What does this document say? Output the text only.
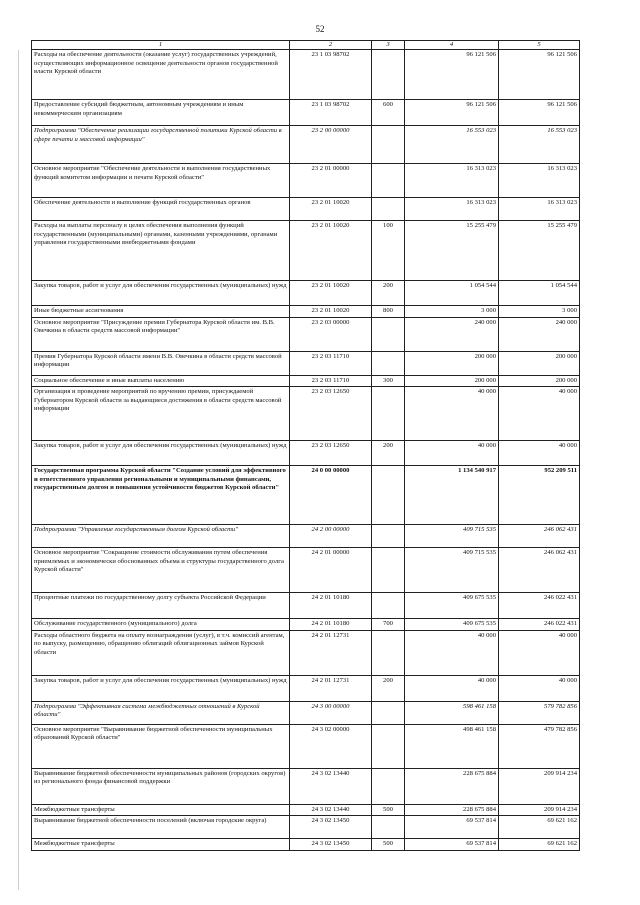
52
1	2	3	4	5
Расходы на обеспечение деятельности (оказание услуг) государственных учреждений, осуществляющих информационное освещение деятельности органов государственной власти Курской области	23 1 03 98702		96 121 506	96 121 506
Предоставление субсидий бюджетным, автономным учреждениям и иным некоммерческим организациям	23 1 03 98702	600	96 121 506	96 121 506
Подпрограмма "Обеспечение реализации государственной политики Курской области в сфере печати и массовой информации"	23 2 00 00000		16 553 023	16 553 023
Основное мероприятие "Обеспечение деятельности и выполнения государственных функций комитетом информации и печати Курской области"	23 2 01 00000		16 313 023	16 313 023
Обеспечение деятельности и выполнение функций государственных органов	23 2 01 10020		16 313 023	16 313 023
Расходы на выплаты персоналу в целях обеспечения выполнения функций государственными (муниципальными) органами, казенными учреждениями, органами управления государственными внебюджетными фондами	23 2 01 10020	100	15 255 479	15 255 479
Закупка товаров, работ и услуг для обеспечения государственных (муниципальных) нужд	23 2 01 10020	200	1 054 544	1 054 544
Иные бюджетные ассигнования	23 2 01 10020	800	3 000	3 000
Основное мероприятие "Присуждение премии Губернатора Курской области им. В.В. Овечкина в области средств массовой информации"	23 2 03 00000		240 000	240 000
Премия Губернатора Курской области имени В.В. Овечкина в области средств массовой информации	23 2 03 11710		200 000	200 000
Социальное обеспечение и иные выплаты населению	23 2 03 11710	300	200 000	200 000
Организация и проведение мероприятий по вручению премии, присуждаемой Губернатором Курской области за выдающиеся достижения в области средств массовой информации	23 2 03 12650		40 000	40 000
Закупка товаров, работ и услуг для обеспечения государственных (муниципальных) нужд	23 2 03 12650	200	40 000	40 000
Государственная программа Курской области "Создание условий для эффективного и ответственного управления региональными и муниципальными финансами, государственным долгом и повышения устойчивости бюджетов Курской области"	24 0 00 00000		1 134 540 917	952 209 511
Подпрограмма "Управление государственным долгом Курской области"	24 2 00 00000		409 715 535	246 062 431
Основное мероприятие "Сокращение стоимости обслуживания путем обеспечения приемлемых и экономически обоснованных объема и структуры государственного долга Курской области"	24 2 01 00000		409 715 535	246 062 431
Процентные платежи по государственному долгу субъекта Российской Федерации	24 2 01 10180		409 675 535	246 022 431
Обслуживание государственного (муниципального) долга	24 2 01 10180	700	409 675 535	246 022 431
Расходы областного бюджета на оплату вознаграждения (услуг), в т.ч. комиссий агентам, по выпуску, размещению, обращению облигаций облигационных займов Курской области	24 2 01 12731		40 000	40 000
Закупка товаров, работ и услуг для обеспечения государственных (муниципальных) нужд	24 2 01 12731	200	40 000	40 000
Подпрограмма "Эффективная система межбюджетных отношений в Курской области"	24 3 00 00000		598 461 158	579 782 856
Основное мероприятие "Выравнивание бюджетной обеспеченности муниципальных образований Курской области"	24 3 02 00000		498 461 158	479 782 856
Выравнивание бюджетной обеспеченности муниципальных районов (городских округов) из регионального фонда финансовой поддержки	24 3 02 13440		228 675 884	209 914 234
Межбюджетные трансферты	24 3 02 13440	500	228 675 884	209 914 234
Выравнивание бюджетной обеспеченности поселений (включая городские округа)	24 3 02 13450		69 537 814	69 621 162
Межбюджетные трансферты	24 3 02 13450	500	69 537 814	69 621 162
